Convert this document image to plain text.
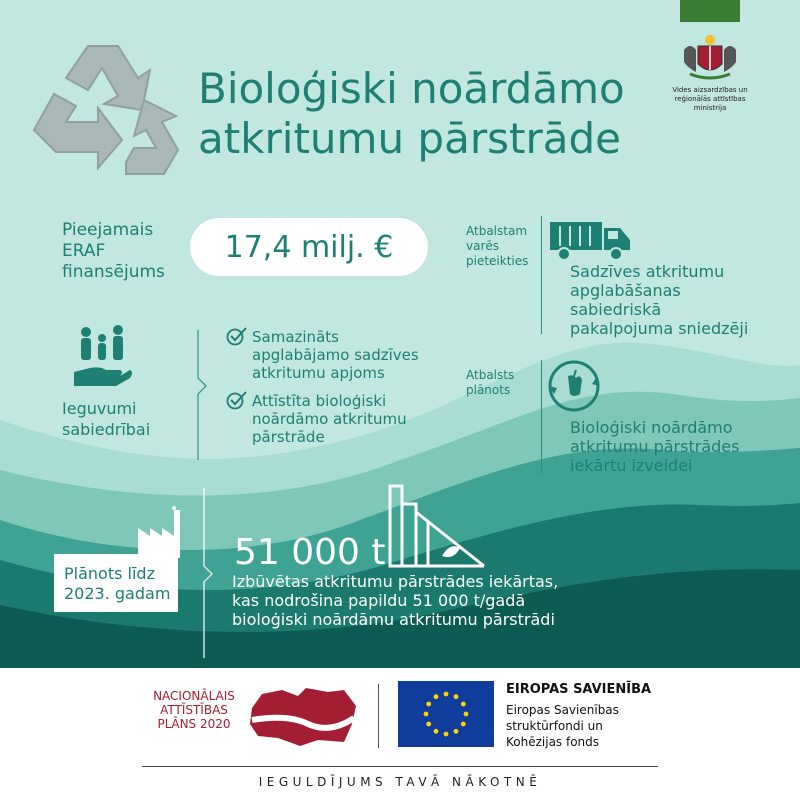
Bioloģiski noārdāmo
atkritumu pārstrāde
Vides aizsardzības un
reģionālās attīstības
ministrija
Pieejamais
ERAF
finansējums
17,4 milj. €	Atbalstam
varēs
pieteikties
Sadzīves atkritumu
apglabāšanas
sabiedriskā
pakalpojuma sniedzēji
Ieguvumi
sabiedrībai
Samazināts
apglabājamo sadzīves
atkritumu apjoms
Attīstīta bioloģiski
noārdāmo atkritumu
pārstrāde
Atbalsts
plānots
Bioloģiski noārdāmo
atkritumu pārstrādes
iekārtu izveidei
Plānots līdz
2023. gadam
51 000 t
Izbūvētas atkritumu pārstrādes iekārtas,
kas nodrošina papildu 51 000 t/gadā
bioloģiski noārdāmu atkritumu pārstrādi
NACIONĀLAIS
ATTĪSTĪBAS
PLĀNS 2020
EIROPAS SAVIENĪBA
Eiropas Savienības
struktūrfondi un
Kohēzijas fonds
IEGULDĪJUMS TAVĀ NĀKOTNĒ
